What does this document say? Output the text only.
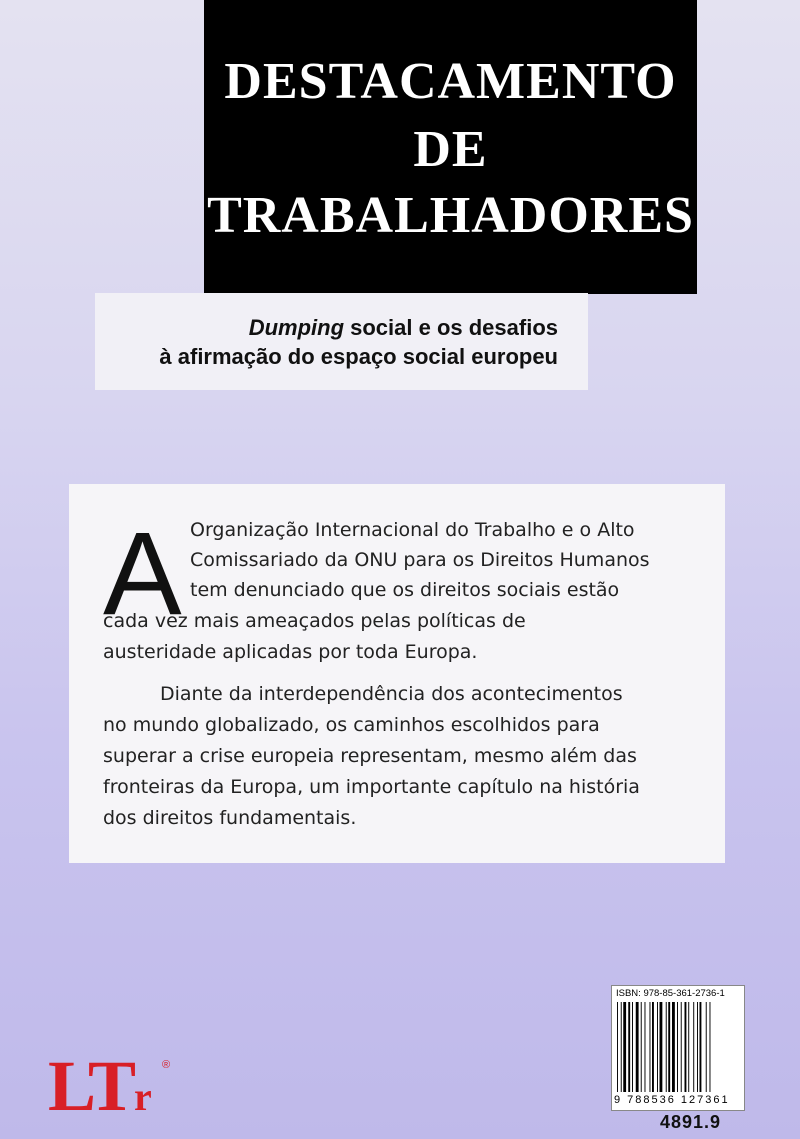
DESTACAMENTO
DE
TRABALHADORES
Dumping social e os desafios
à afirmação do espaço social europeu
A Organização Internacional do Trabalho e o Alto
Comissariado da ONU para os Direitos Humanos
tem denunciado que os direitos sociais estão
cada vez mais ameaçados pelas políticas de
austeridade aplicadas por toda Europa.
Diante da interdependência dos acontecimentos
no mundo globalizado, os caminhos escolhidos para
superar a crise europeia representam, mesmo além das
fronteiras da Europa, um importante capítulo na história
dos direitos fundamentais.
ISBN: 978-85-361-2736-1
9 788536 127361
L
T
r
®
4891.9
